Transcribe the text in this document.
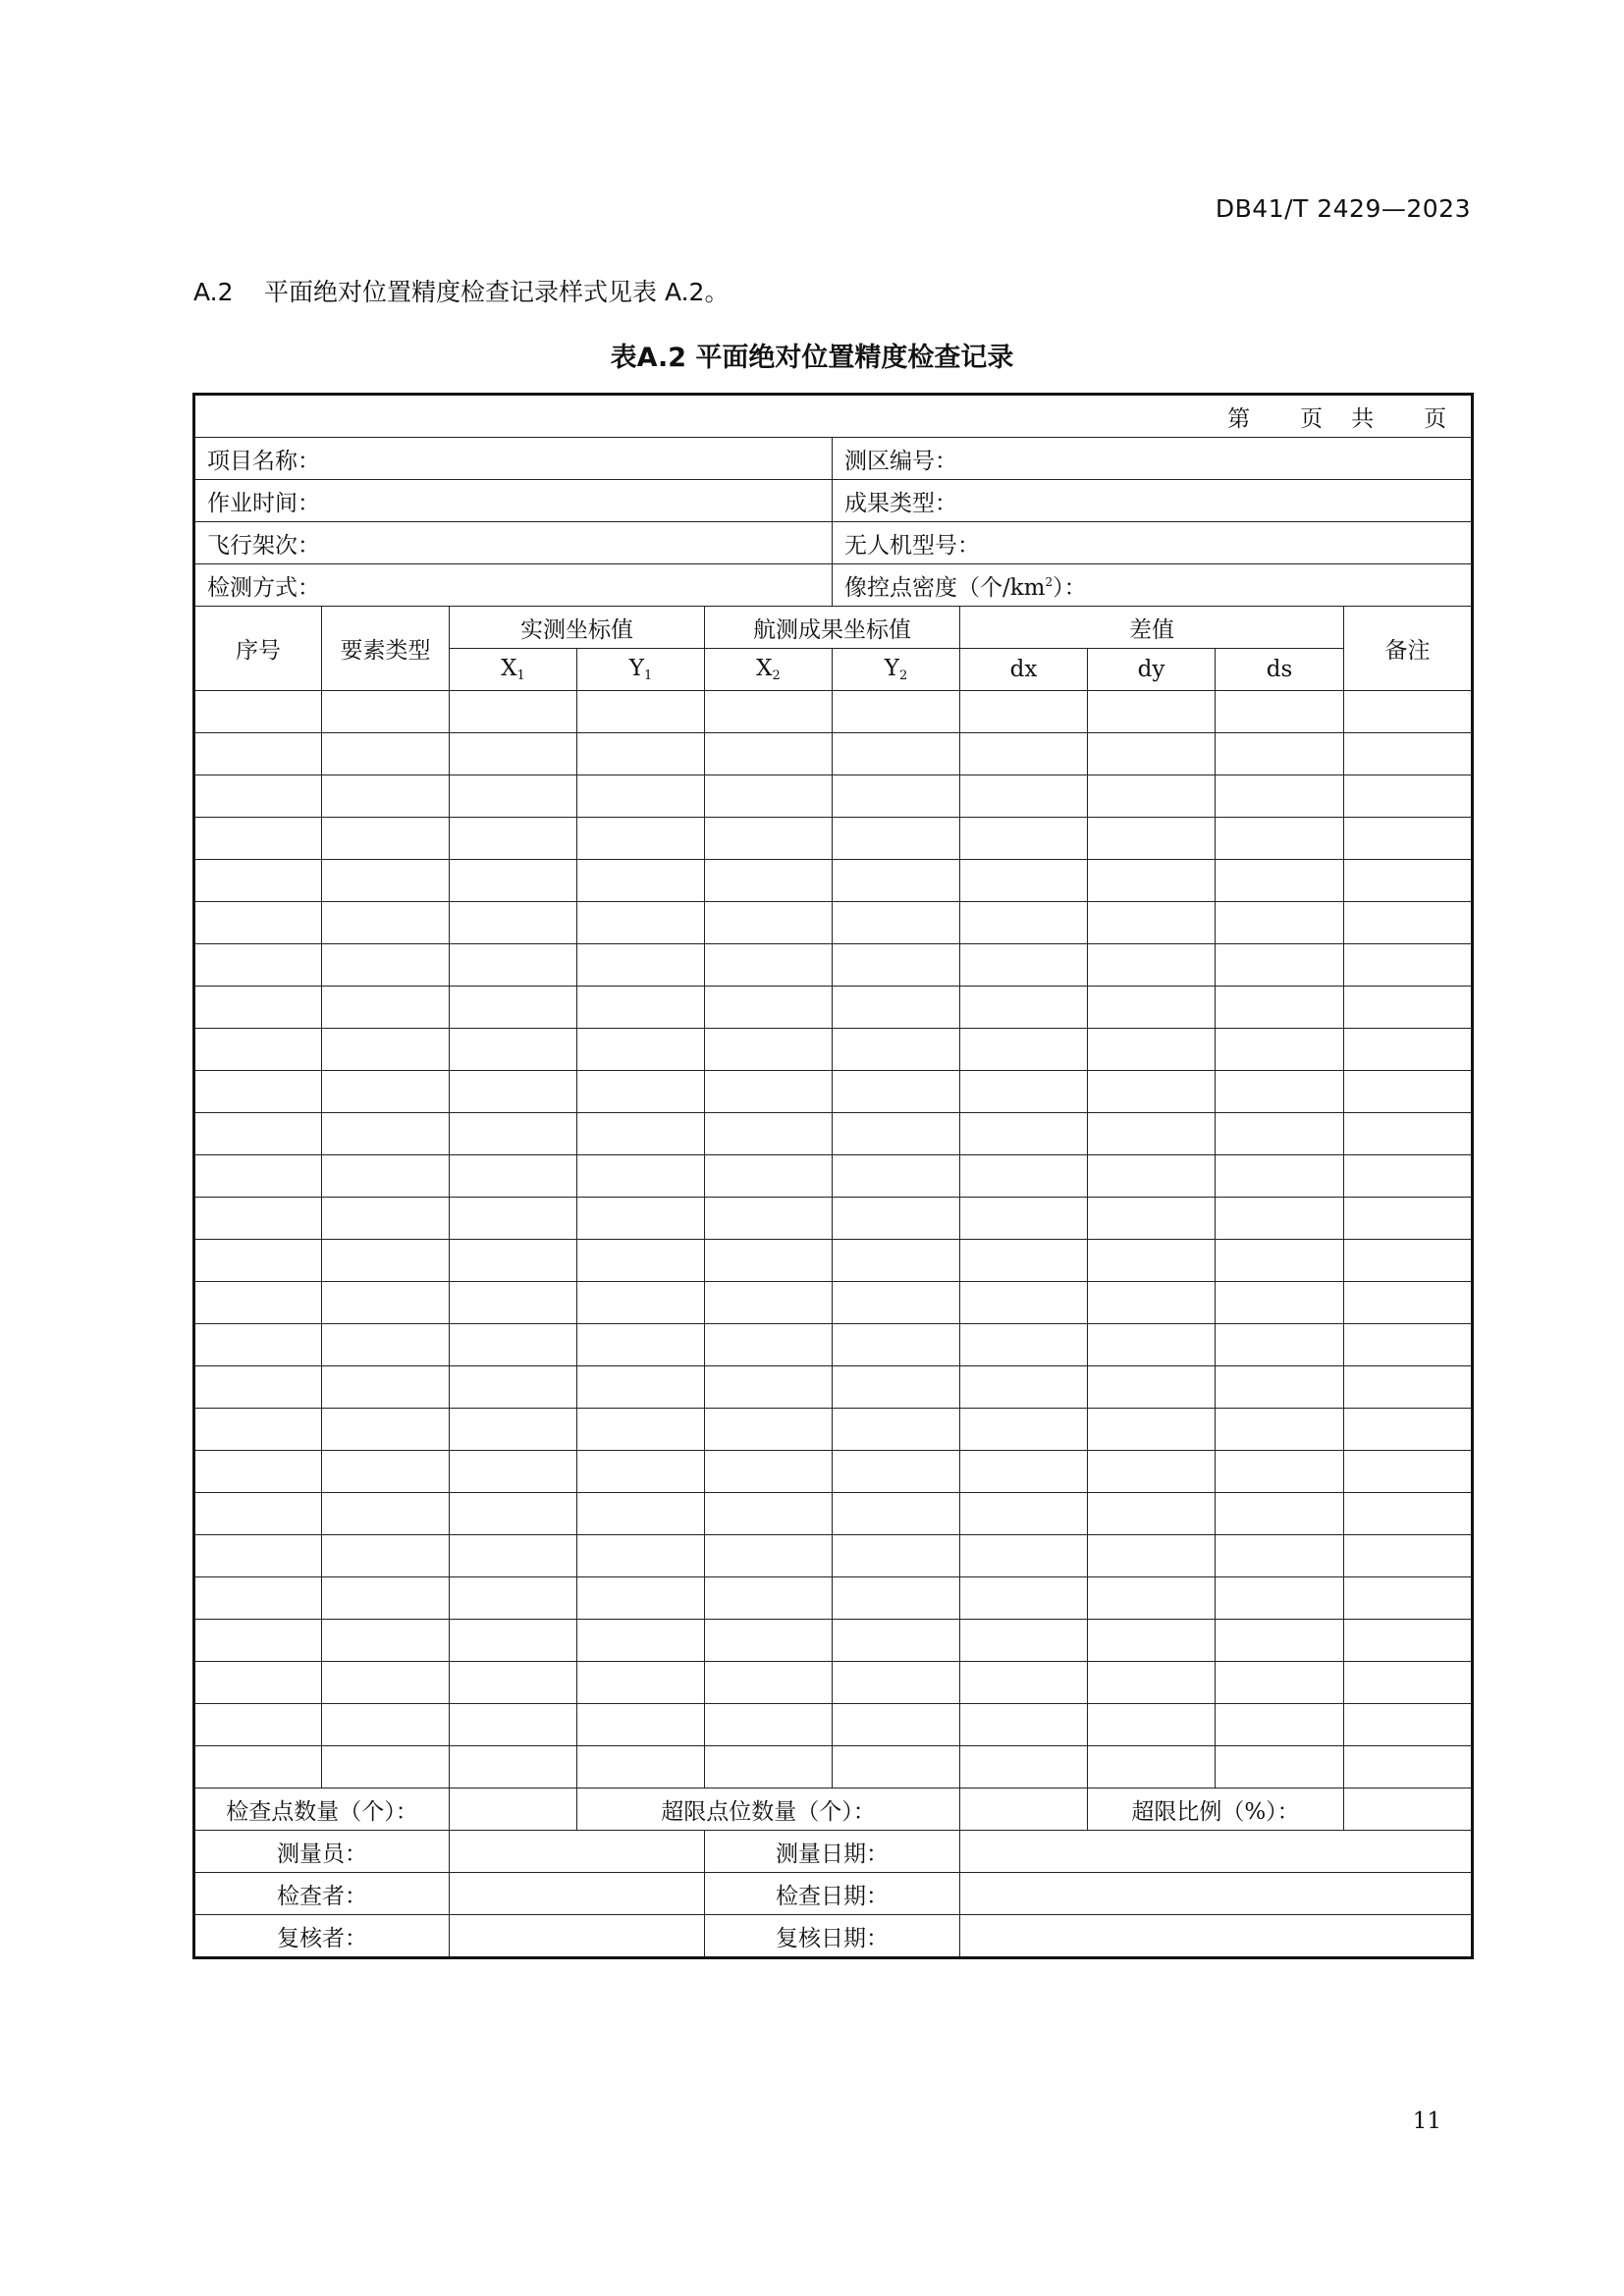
DB41/T 2429—2023
A.2 平面绝对位置精度检查记录样式见表 A.2。
表A.2 平面绝对位置精度检查记录
第 页 共 页									
项目名称：					测区编号：				
作业时间：					成果类型：				
飞行架次：					无人机型号：				
检测方式：					像控点密度（个$/km^2$）：				
序号	要素类型	实测坐标值		航测成果坐标值		差值			备注
		$X_1$	$Y_1$	$X_2$	$Y_2$	dx	dy	ds	

检查点数量（个）：			超限点位数量（个）：				超限比例（%）：		
测量员：				测量日期：					
检查者：				检查日期：					
复核者：				复核日期：					
11
